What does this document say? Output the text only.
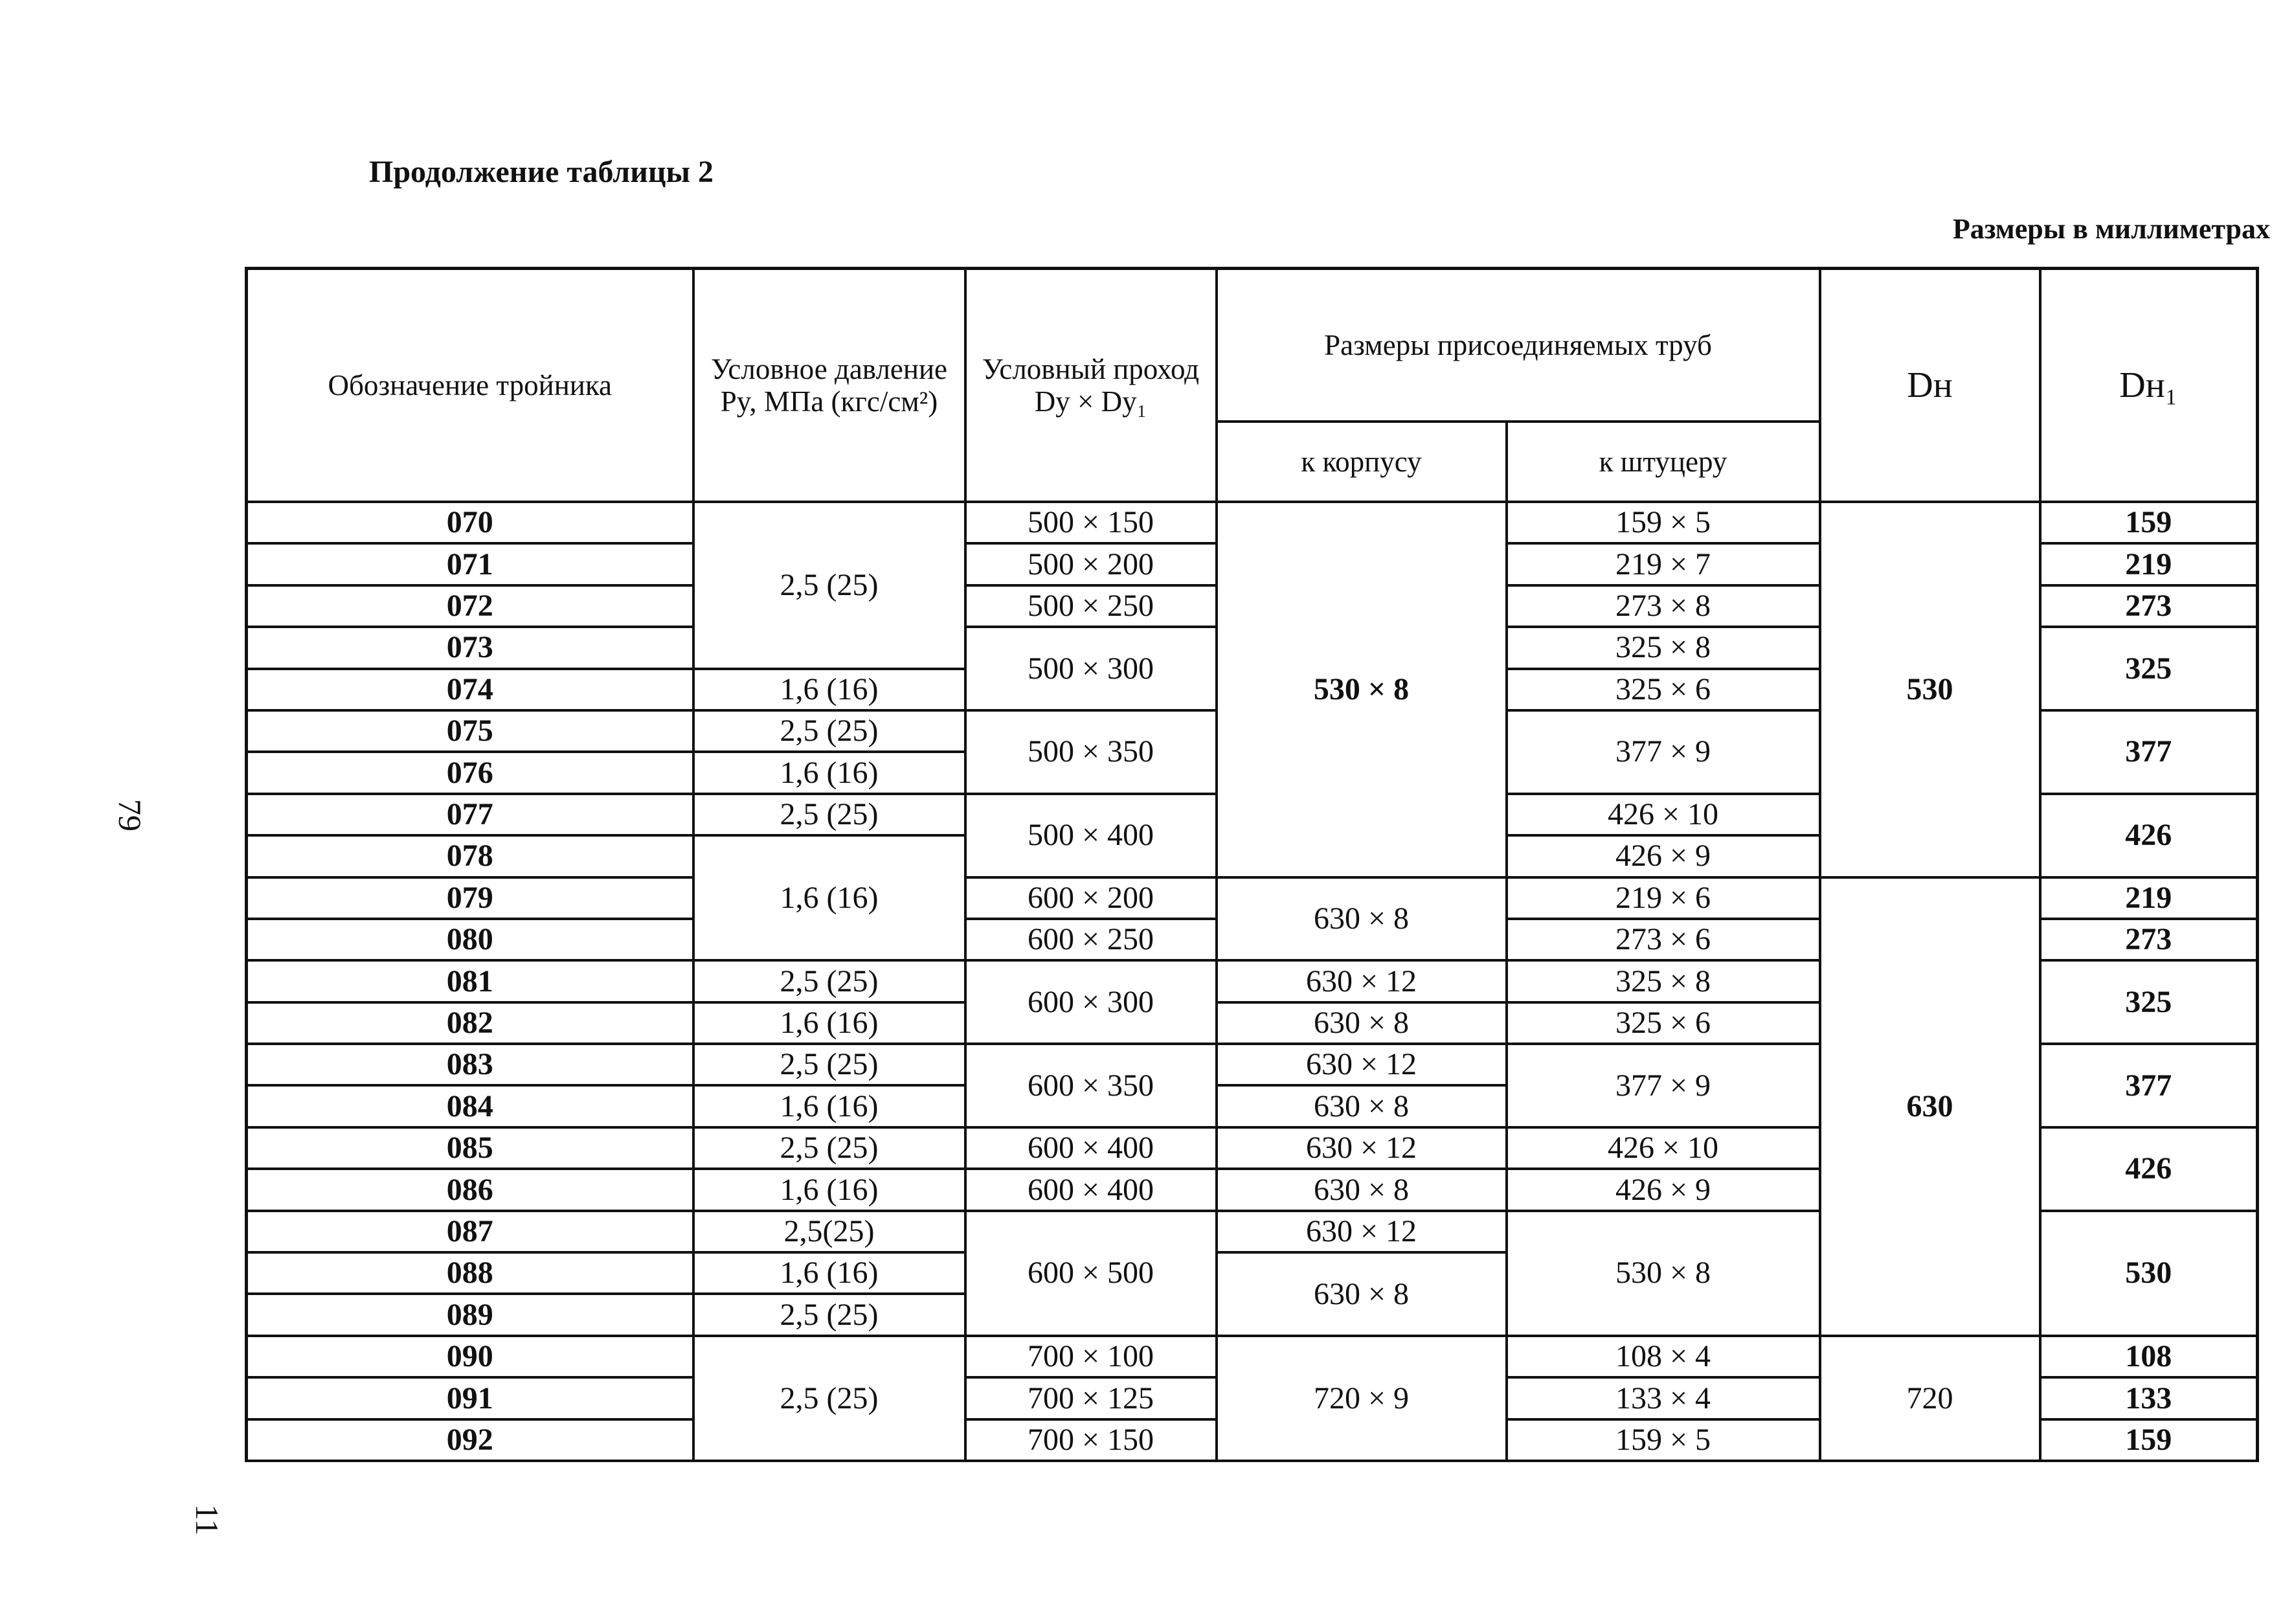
Продолжение таблицы 2
Размеры в миллиметрах
79
11
Обозначение тройника	Условное давление Py, МПа (кгс/см²)	Условный проход Dy × Dy₁	Размеры присоединяемых труб		Dн	Dн₁
			к корпусу	к штуцеру		
070	2,5 (25)	500 × 150	530 × 8	159 × 5	530	159
071		500 × 200		219 × 7		219
072		500 × 250		273 × 8		273
073		500 × 300		325 × 8		325
074	1,6 (16)			325 × 6		
075	2,5 (25)	500 × 350		377 × 9		377
076	1,6 (16)					
077	2,5 (25)	500 × 400		426 × 10		426
078	1,6 (16)			426 × 9		
079		600 × 200	630 × 8	219 × 6	630	219
080		600 × 250		273 × 6		273
081	2,5 (25)	600 × 300	630 × 12	325 × 8		325
082	1,6 (16)		630 × 8	325 × 6		
083	2,5 (25)	600 × 350	630 × 12	377 × 9		377
084	1,6 (16)		630 × 8			
085	2,5 (25)	600 × 400	630 × 12	426 × 10		426
086	1,6 (16)	600 × 400	630 × 8	426 × 9		
087	2,5(25)	600 × 500	630 × 12	530 × 8		530
088	1,6 (16)		630 × 8			
089	2,5 (25)					
090	2,5 (25)	700 × 100	720 × 9	108 × 4	720	108
091		700 × 125		133 × 4		133
092		700 × 150		159 × 5		159
